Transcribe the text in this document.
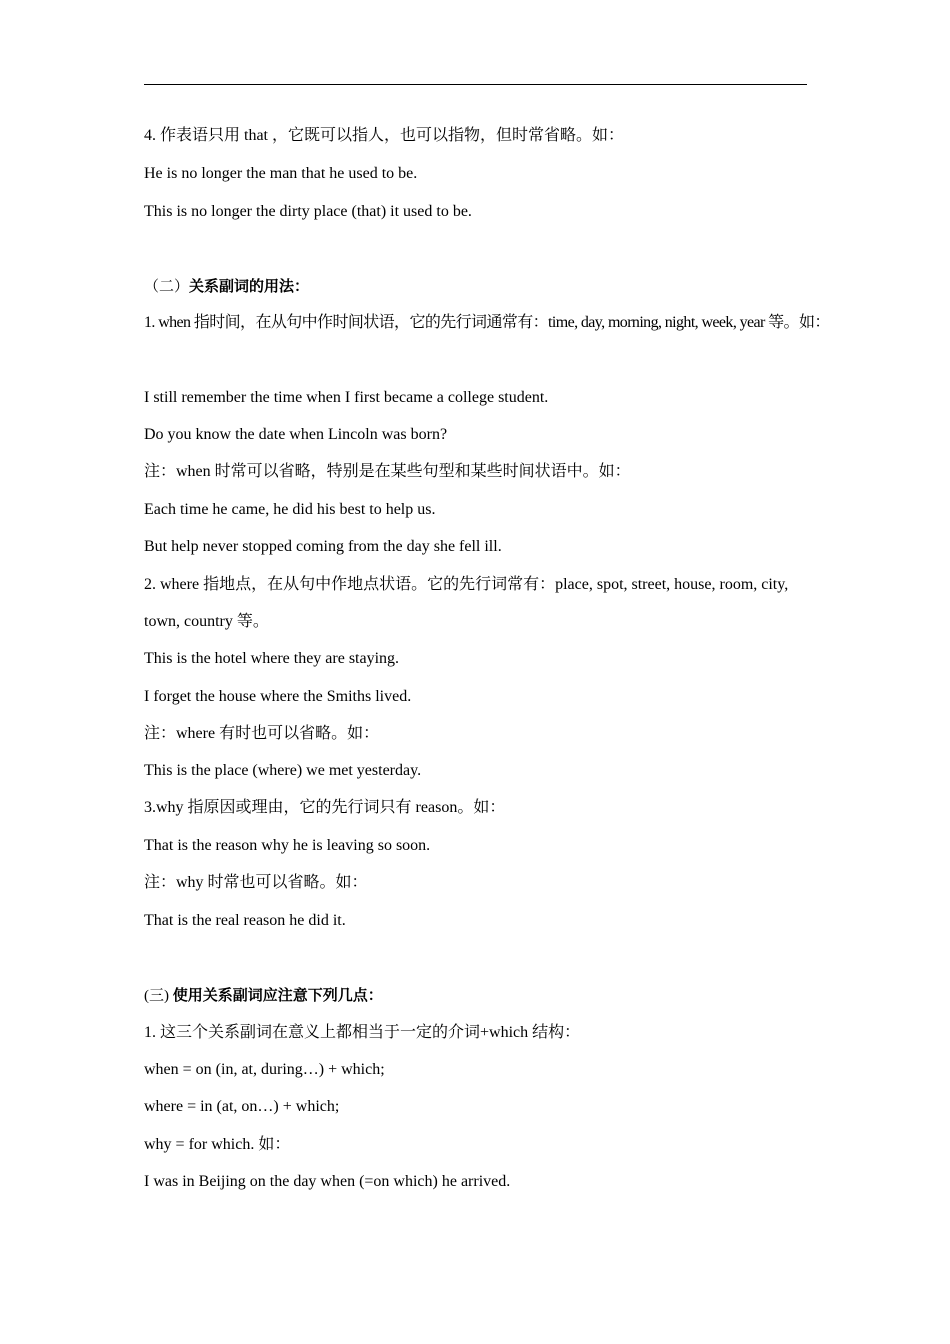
4. 作表语只用 that ，它既可以指人，也可以指物，但时常省略。如：
He is no longer the man that he used to be.
This is no longer the dirty place (that) it used to be.
（二）关系副词的用法：
1. when 指时间，在从句中作时间状语，它的先行词通常有：time, day, morning, night, week, year 等。如：
I still remember the time when I first became a college student.
Do you know the date when Lincoln was born?
注：when 时常可以省略，特别是在某些句型和某些时间状语中。如：
Each time he came, he did his best to help us.
But help never stopped coming from the day she fell ill.
2. where 指地点，在从句中作地点状语。它的先行词常有：place, spot, street, house, room, city,
town, country 等。
This is the hotel where they are staying.
I forget the house where the Smiths lived.
注：where 有时也可以省略。如：
This is the place (where) we met yesterday.
3.why 指原因或理由，它的先行词只有 reason。如：
That is the reason why he is leaving so soon.
注：why 时常也可以省略。如：
That is the real reason he did it.
(三) 使用关系副词应注意下列几点：
1. 这三个关系副词在意义上都相当于一定的介词+which 结构：
when = on (in, at, during…) + which;
where = in (at, on…) + which;
why = for which. 如：
I was in Beijing on the day when (=on which) he arrived.
